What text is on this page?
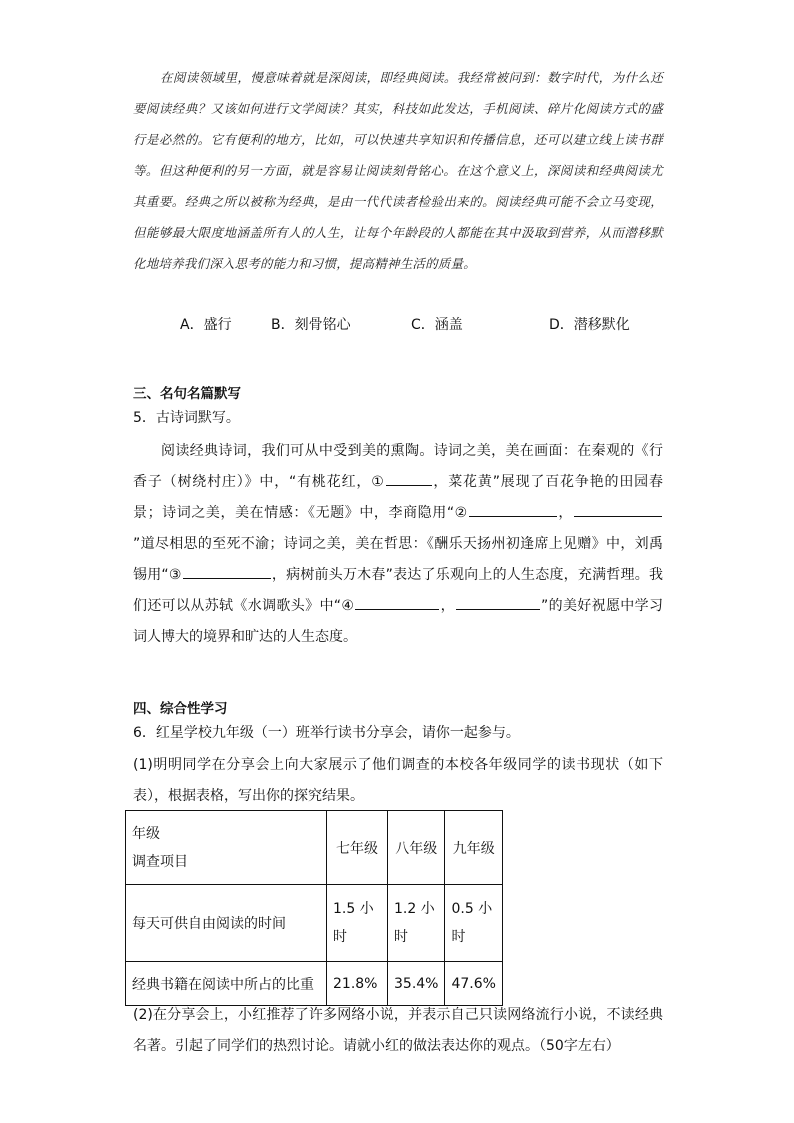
在阅读领域里，慢意味着就是深阅读，即经典阅读。我经常被问到：数字时代，为什么还要阅读经典？又该如何进行文学阅读？其实，科技如此发达，手机阅读、碎片化阅读方式的盛行是必然的。它有便利的地方，比如，可以快速共享知识和传播信息，还可以建立线上读书群等。但这种便利的另一方面，就是容易让阅读刻骨铭心。在这个意义上，深阅读和经典阅读尤其重要。经典之所以被称为经典，是由一代代读者检验出来的。阅读经典可能不会立马变现，但能够最大限度地涵盖所有人的人生，让每个年龄段的人都能在其中汲取到营养，从而潜移默化地培养我们深入思考的能力和习惯，提高精神生活的质量。
A．盛行	B．刻骨铭心	C．涵盖	D．潜移默化
三、名句名篇默写
5．古诗词默写。
阅读经典诗词，我们可从中受到美的熏陶。诗词之美，美在画面：在秦观的《行香子（树绕村庄）》中，“有桃花红，①	，菜花黄”展现了百花争艳的田园春景；诗词之美，美在情感：《无题》中，李商隐用“②	，”道尽相思的至死不渝；诗词之美，美在哲思：《酬乐天扬州初逢席上见赠》中，刘禹锡用“③	，病树前头万木春”表达了乐观向上的人生态度，充满哲理。我们还可以从苏轼《水调歌头》中“④	，	”的美好祝愿中学习词人博大的境界和旷达的人生态度。
四、综合性学习
6．红星学校九年级（一）班举行读书分享会，请你一起参与。
(1)明明同学在分享会上向大家展示了他们调查的本校各年级同学的读书现状（如下表），根据表格，写出你的探究结果。
年级
调查项目	七年级	八年级	九年级
每天可供自由阅读的时间	1.5 小时	1.2 小时	0.5 小时
经典书籍在阅读中所占的比重	21.8%	35.4%	47.6%
(2)在分享会上，小红推荐了许多网络小说，并表示自己只读网络流行小说，不读经典名著。引起了同学们的热烈讨论。请就小红的做法表达你的观点。（50字左右）
